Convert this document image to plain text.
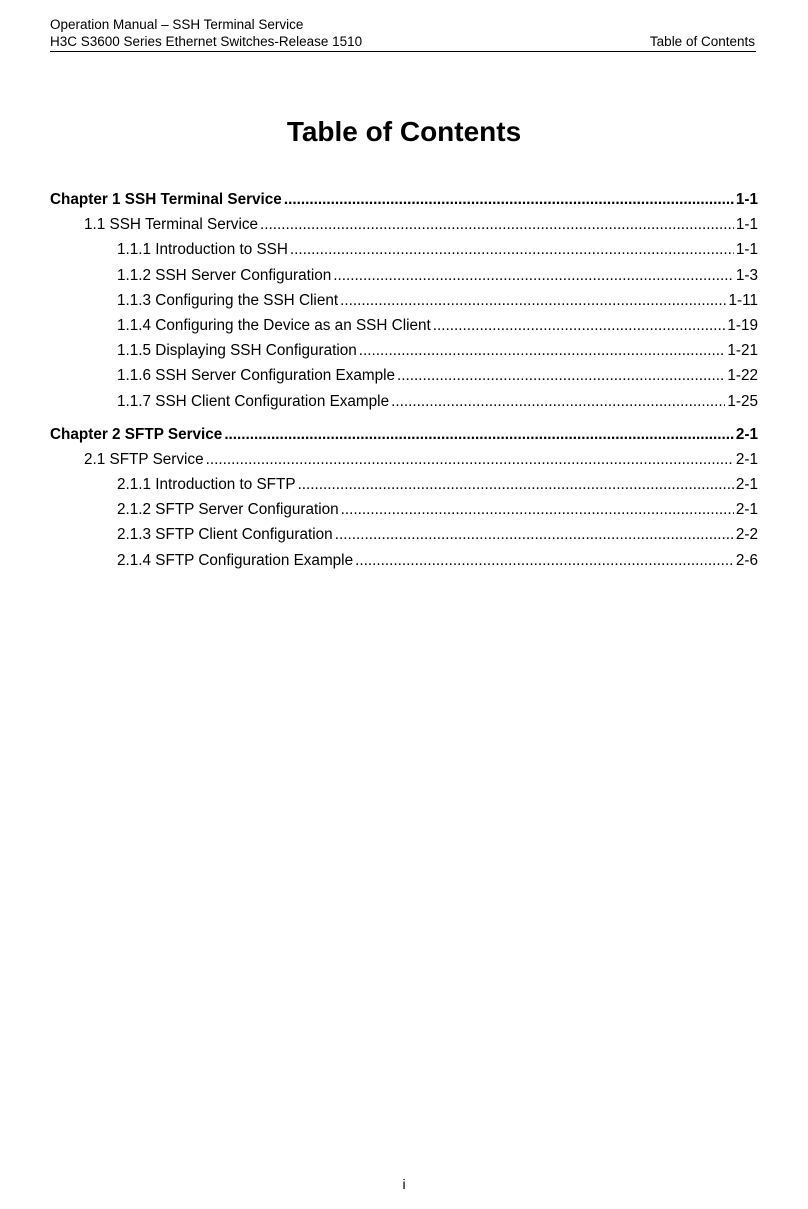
Operation Manual – SSH Terminal Service
H3C S3600 Series Ethernet Switches-Release 1510	Table of Contents
Table of Contents
Chapter 1 SSH Terminal Service .....	1-1
1.1 SSH Terminal Service .....	1-1
1.1.1 Introduction to SSH .....	1-1
1.1.2 SSH Server Configuration .....	1-3
1.1.3 Configuring the SSH Client .....	1-11
1.1.4 Configuring the Device as an SSH Client .....	1-19
1.1.5 Displaying SSH Configuration .....	1-21
1.1.6 SSH Server Configuration Example .....	1-22
1.1.7 SSH Client Configuration Example .....	1-25
Chapter 2 SFTP Service .....	2-1
2.1 SFTP Service .....	2-1
2.1.1 Introduction to SFTP .....	2-1
2.1.2 SFTP Server Configuration .....	2-1
2.1.3 SFTP Client Configuration .....	2-2
2.1.4 SFTP Configuration Example .....	2-6
i
